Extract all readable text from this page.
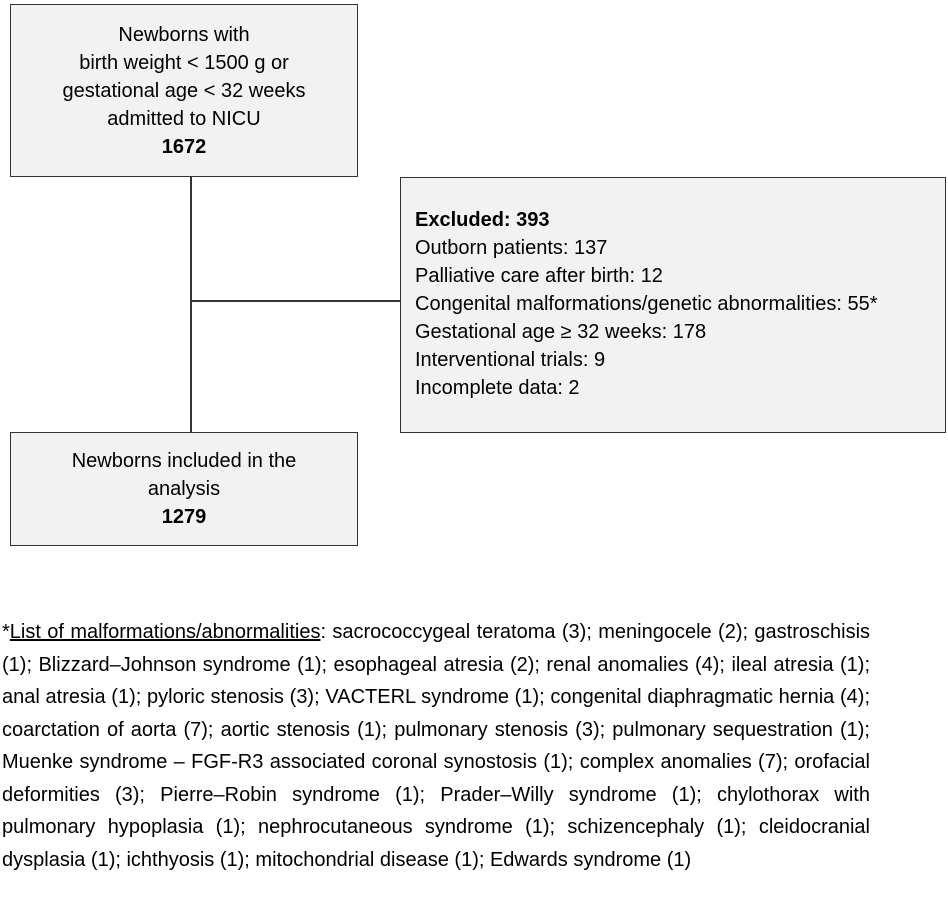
Newborns with
birth weight < 1500 g or
gestational age < 32 weeks
admitted to NICU
1672
Excluded: 393
Outborn patients: 137
Palliative care after birth: 12
Congenital malformations/genetic abnormalities: 55*
Gestational age ≥ 32 weeks: 178
Interventional trials: 9
Incomplete data: 2
Newborns included in the
analysis
1279
*List of malformations/abnormalities: sacrococcygeal teratoma (3); meningocele (2); gastroschisis (1); Blizzard–Johnson syndrome (1); esophageal atresia (2); renal anomalies (4); ileal atresia (1); anal atresia (1); pyloric stenosis (3); VACTERL syndrome (1); congenital diaphragmatic hernia (4); coarctation of aorta (7); aortic stenosis (1); pulmonary stenosis (3); pulmonary sequestration (1); Muenke syndrome – FGF-R3 associated coronal synostosis (1); complex anomalies (7); orofacial deformities (3); Pierre–Robin syndrome (1); Prader–Willy syndrome (1); chylothorax with pulmonary hypoplasia (1); nephrocutaneous syndrome (1); schizencephaly (1); cleidocranial dysplasia (1); ichthyosis (1); mitochondrial disease (1); Edwards syndrome (1)
